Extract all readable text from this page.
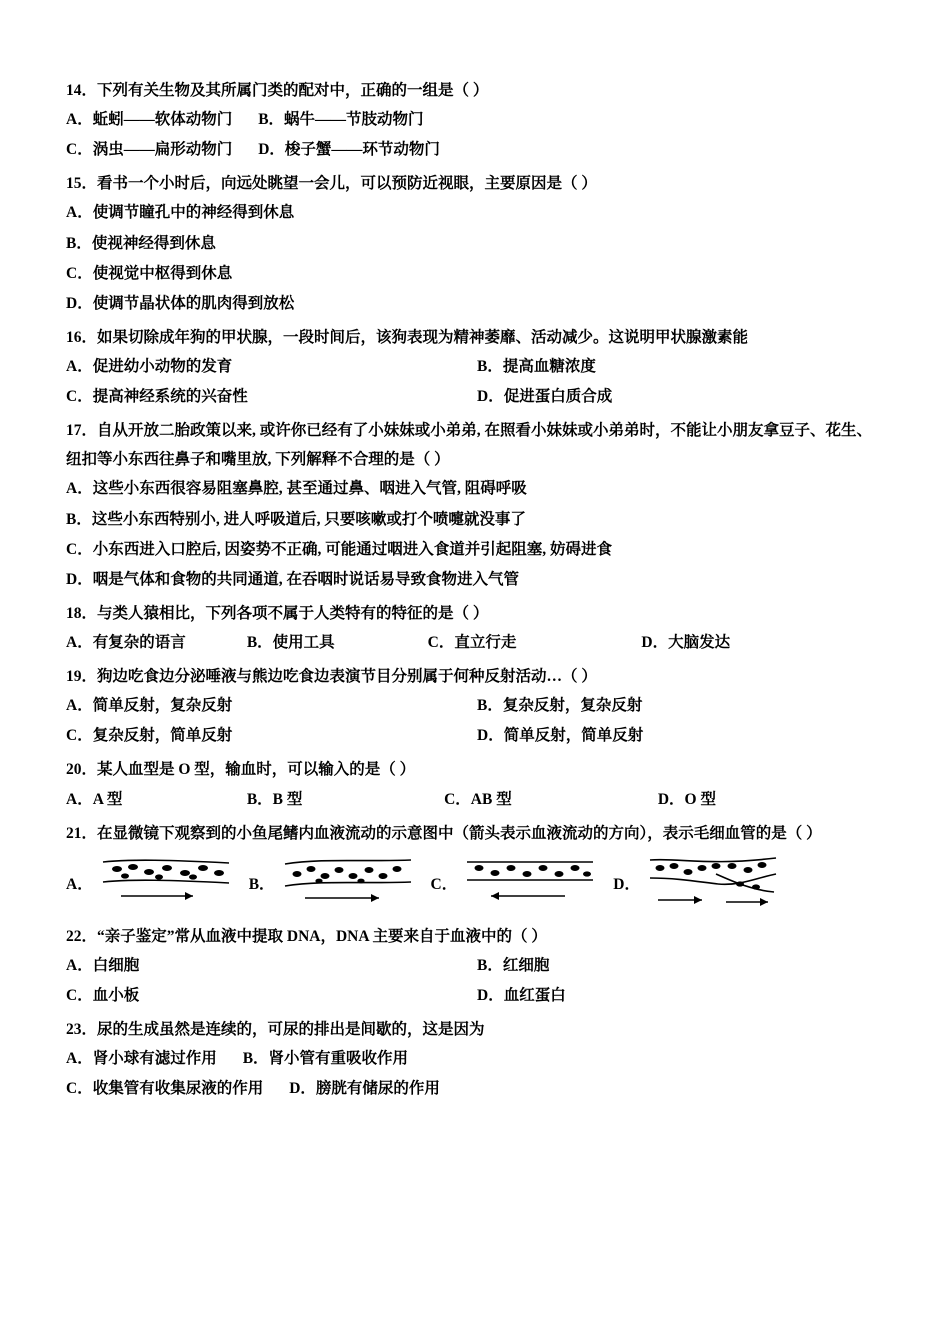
14．下列有关生物及其所属门类的配对中，正确的一组是（ ）
A．蚯蚓——软体动物门 B．蜗牛——节肢动物门
C．涡虫——扁形动物门 D．梭子蟹——环节动物门
15．看书一个小时后，向远处眺望一会儿，可以预防近视眼，主要原因是（ ）
A．使调节瞳孔中的神经得到休息
B．使视神经得到休息
C．使视觉中枢得到休息
D．使调节晶状体的肌肉得到放松
16．如果切除成年狗的甲状腺，一段时间后，该狗表现为精神萎靡、活动减少。这说明甲状腺激素能
A．促进幼小动物的发育	B．提高血糖浓度
C．提高神经系统的兴奋性	D．促进蛋白质合成
17．自从开放二胎政策以来, 或许你已经有了小妹妹或小弟弟, 在照看小妹妹或小弟弟时，不能让小朋友拿豆子、花生、
纽扣等小东西往鼻子和嘴里放, 下列解释不合理的是（ ）
A．这些小东西很容易阻塞鼻腔, 甚至通过鼻、咽进入气管, 阻碍呼吸
B．这些小东西特别小, 进人呼吸道后, 只要咳嗽或打个喷嚏就没事了
C．小东西进入口腔后, 因姿势不正确, 可能通过咽进入食道并引起阻塞, 妨碍进食
D．咽是气体和食物的共同通道, 在吞咽时说话易导致食物进入气管
18．与类人猿相比，下列各项不属于人类特有的特征的是（ ）
A．有复杂的语言	B．使用工具	C．直立行走	D．大脑发达
19．狗边吃食边分泌唾液与熊边吃食边表演节目分别属于何种反射活动…（ ）
A．简单反射，复杂反射	B．复杂反射，复杂反射
C．复杂反射，简单反射	D．简单反射，简单反射
20．某人血型是 O 型，输血时，可以输入的是（ ）
A．A 型	B．B 型	C．AB 型	D．O 型
21．在显微镜下观察到的小鱼尾鳍内血液流动的示意图中（箭头表示血液流动的方向），表示毛细血管的是（ ）
A．	B．	C．	D．
22．“亲子鉴定”常从血液中提取 DNA，DNA 主要来自于血液中的（ ）
A．白细胞	B．红细胞
C．血小板	D．血红蛋白
23．尿的生成虽然是连续的，可尿的排出是间歇的，这是因为
A．肾小球有滤过作用 B．肾小管有重吸收作用
C．收集管有收集尿液的作用 D．膀胱有储尿的作用
